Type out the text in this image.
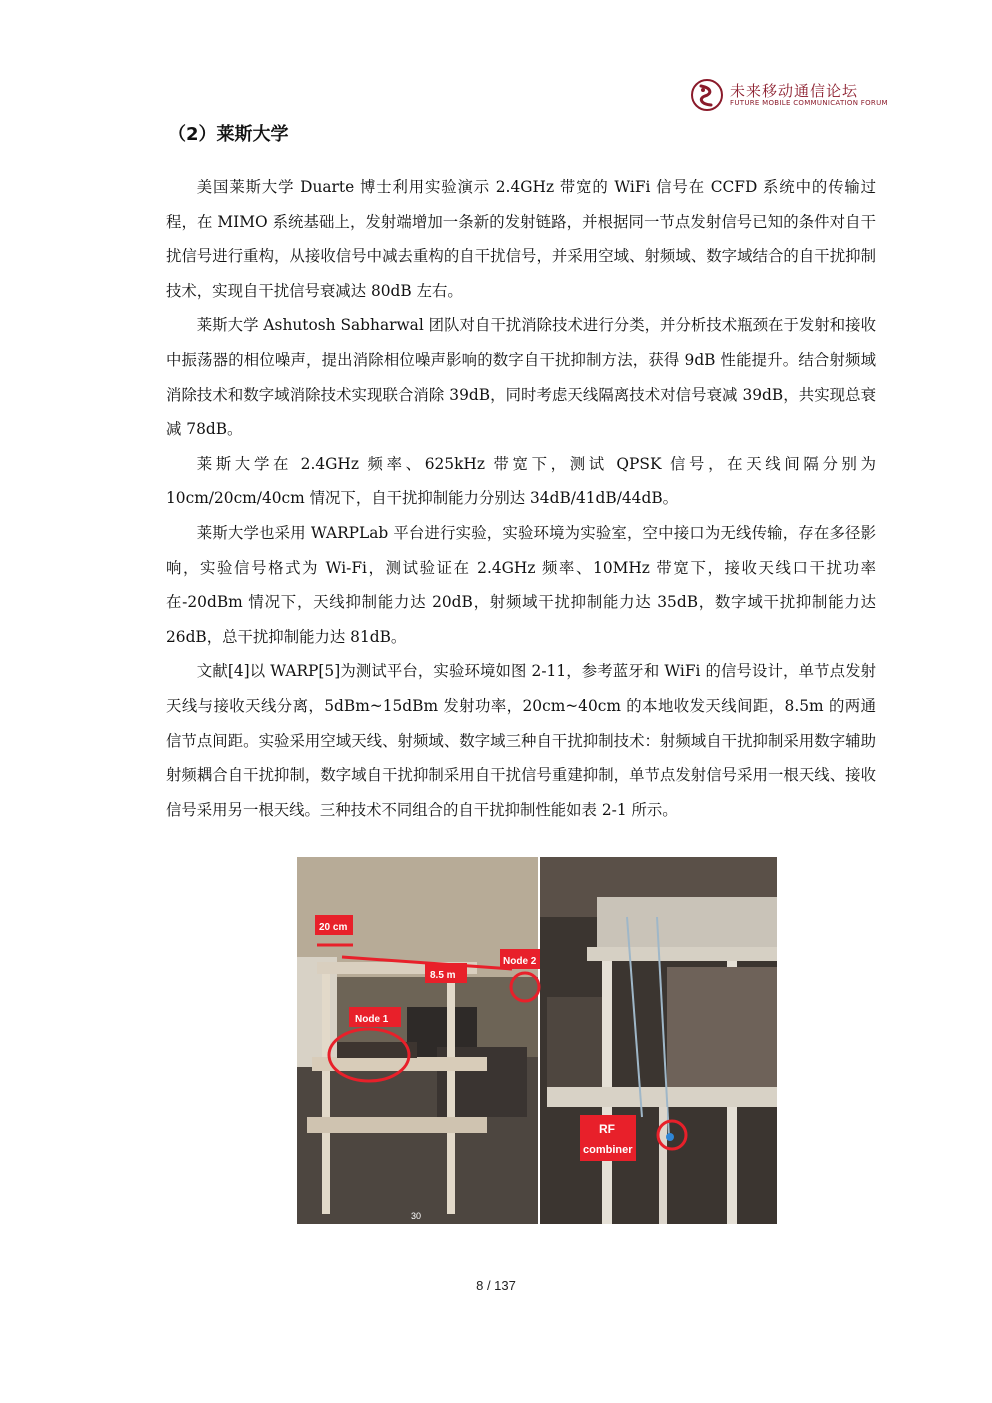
未来移动通信论坛
FUTURE MOBILE COMMUNICATION FORUM
（2）莱斯大学

美国莱斯大学 Duarte 博士利用实验演示 2.4GHz 带宽的 WiFi 信号在 CCFD 系统中的传输过程，在 MIMO 系统基础上，发射端增加一条新的发射链路，并根据同一节点发射信号已知的条件对自干扰信号进行重构，从接收信号中减去重构的自干扰信号，并采用空域、射频域、数字域结合的自干扰抑制技术，实现自干扰信号衰减达 80dB 左右。

莱斯大学 Ashutosh Sabharwal 团队对自干扰消除技术进行分类，并分析技术瓶颈在于发射和接收中振荡器的相位噪声，提出消除相位噪声影响的数字自干扰抑制方法，获得 9dB 性能提升。结合射频域消除技术和数字域消除技术实现联合消除 39dB，同时考虑天线隔离技术对信号衰减 39dB，共实现总衰减 78dB。

莱斯大学在 2.4GHz 频率、625kHz 带宽下，测试 QPSK 信号，在天线间隔分别为 10cm/20cm/40cm 情况下，自干扰抑制能力分别达 34dB/41dB/44dB。

莱斯大学也采用 WARPLab 平台进行实验，实验环境为实验室，空中接口为无线传输，存在多径影响，实验信号格式为 Wi-Fi，测试验证在 2.4GHz 频率、10MHz 带宽下，接收天线口干扰功率在-20dBm 情况下，天线抑制能力达 20dB，射频域干扰抑制能力达 35dB，数字域干扰抑制能力达 26dB，总干扰抑制能力达 81dB。

文献[4]以 WARP[5]为测试平台，实验环境如图 2-11，参考蓝牙和 WiFi 的信号设计，单节点发射天线与接收天线分离，5dBm~15dBm 发射功率，20cm~40cm 的本地收发天线间距，8.5m 的两通信节点间距。实验采用空域天线、射频域、数字域三种自干扰抑制技术：射频域自干扰抑制采用数字辅助射频耦合自干扰抑制，数字域自干扰抑制采用自干扰信号重建抑制，单节点发射信号采用一根天线、接收信号采用另一根天线。三种技术不同组合的自干扰抑制性能如表 2-1 所示。

20 cm
8.5 m
Node 2
Node 1
RF
combiner
30
8 / 137
